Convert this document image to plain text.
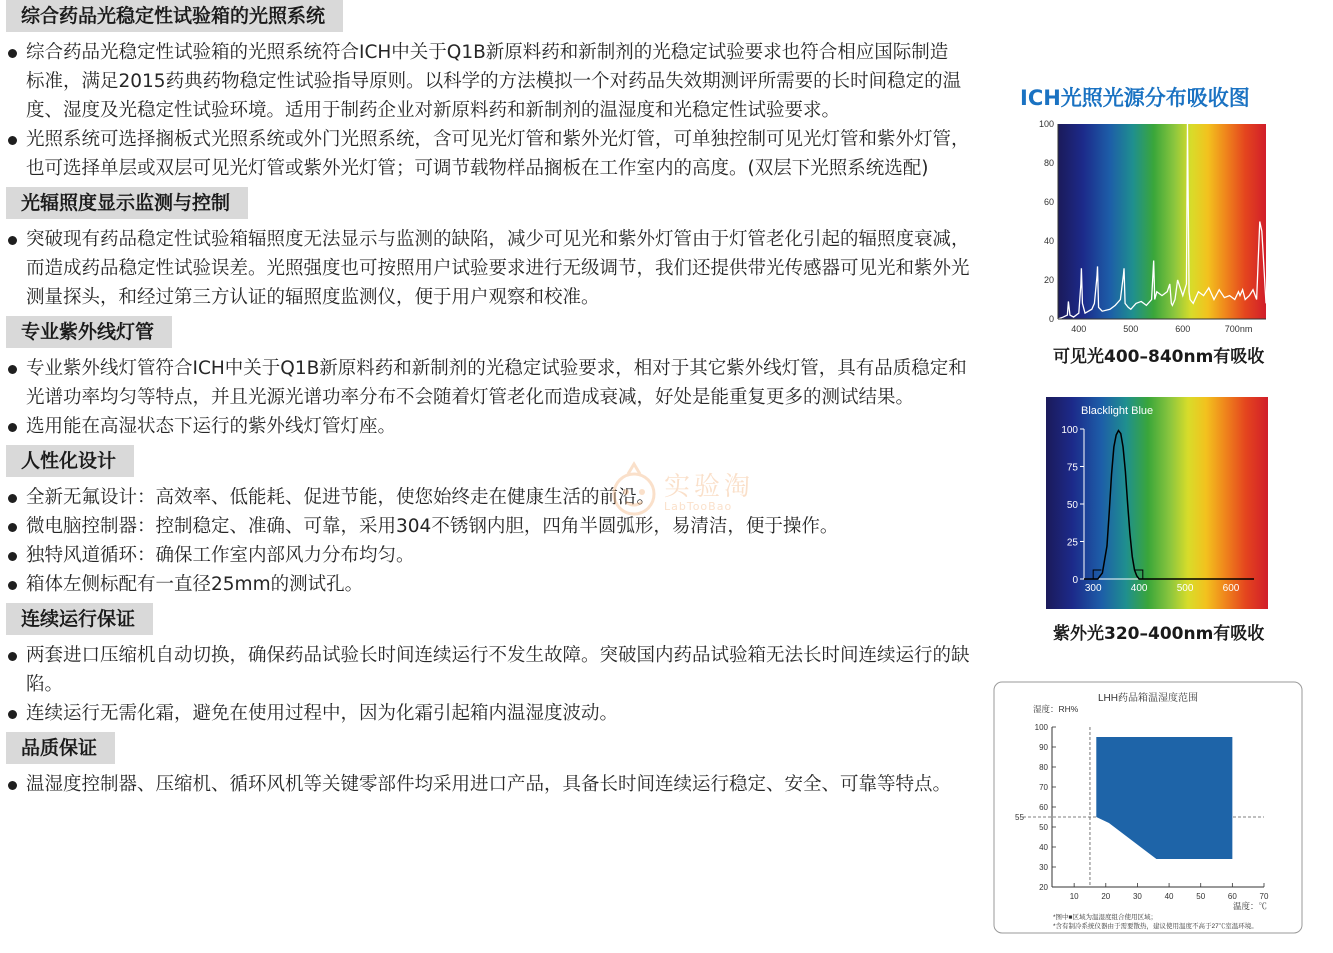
综合药品光稳定性试验箱的光照系统
综合药品光稳定性试验箱的光照系统符合ICH中关于Q1B新原料药和新制剂的光稳定试验要求也符合相应国际制造标准，满足2015药典药物稳定性试验指导原则。以科学的方法模拟一个对药品失效期测评所需要的长时间稳定的温度、湿度及光稳定性试验环境。适用于制药企业对新原料药和新制剂的温湿度和光稳定性试验要求。
光照系统可选择搁板式光照系统或外门光照系统，含可见光灯管和紫外光灯管，可单独控制可见光灯管和紫外灯管，也可选择单层或双层可见光灯管或紫外光灯管；可调节载物样品搁板在工作室内的高度。(双层下光照系统选配)
光辐照度显示监测与控制
突破现有药品稳定性试验箱辐照度无法显示与监测的缺陷，减少可见光和紫外灯管由于灯管老化引起的辐照度衰减，而造成药品稳定性试验误差。光照强度也可按照用户试验要求进行无级调节，我们还提供带光传感器可见光和紫外光测量探头，和经过第三方认证的辐照度监测仪，便于用户观察和校准。
专业紫外线灯管
专业紫外线灯管符合ICH中关于Q1B新原料药和新制剂的光稳定试验要求，相对于其它紫外线灯管，具有品质稳定和光谱功率均匀等特点，并且光源光谱功率分布不会随着灯管老化而造成衰减，好处是能重复更多的测试结果。
选用能在高湿状态下运行的紫外线灯管灯座。
人性化设计
全新无氟设计：高效率、低能耗、促进节能，使您始终走在健康生活的前沿。
微电脑控制器：控制稳定、准确、可靠，采用304不锈钢内胆，四角半圆弧形，易清洁，便于操作。
独特风道循环：确保工作室内部风力分布均匀。
箱体左侧标配有一直径25mm的测试孔。
连续运行保证
两套进口压缩机自动切换，确保药品试验长时间连续运行不发生故障。突破国内药品试验箱无法长时间连续运行的缺陷。
连续运行无需化霜，避免在使用过程中，因为化霜引起箱内温湿度波动。
品质保证
温湿度控制器、压缩机、循环风机等关键零部件均采用进口产品，具备长时间连续运行稳定、安全、可靠等特点。
实验淘
LabTooBao
ICH光照光源分布吸收图
0
20
40
60
80
100
400	500	600	700nm
可见光400–840nm有吸收
Blacklight Blue
0
25
50
75
100
300	400	500	600
紫外光320–400nm有吸收
LHH药品箱温湿度范围
湿度：RH%
20
30
40
50
60
70
80
90
100
10	20	30	40	50	60	70
55
温度：℃
*图中■区域为温湿度组合使用区域；
*含有制冷系统仪器由于需要散热，建议使用温度不高于27℃室温环境。
